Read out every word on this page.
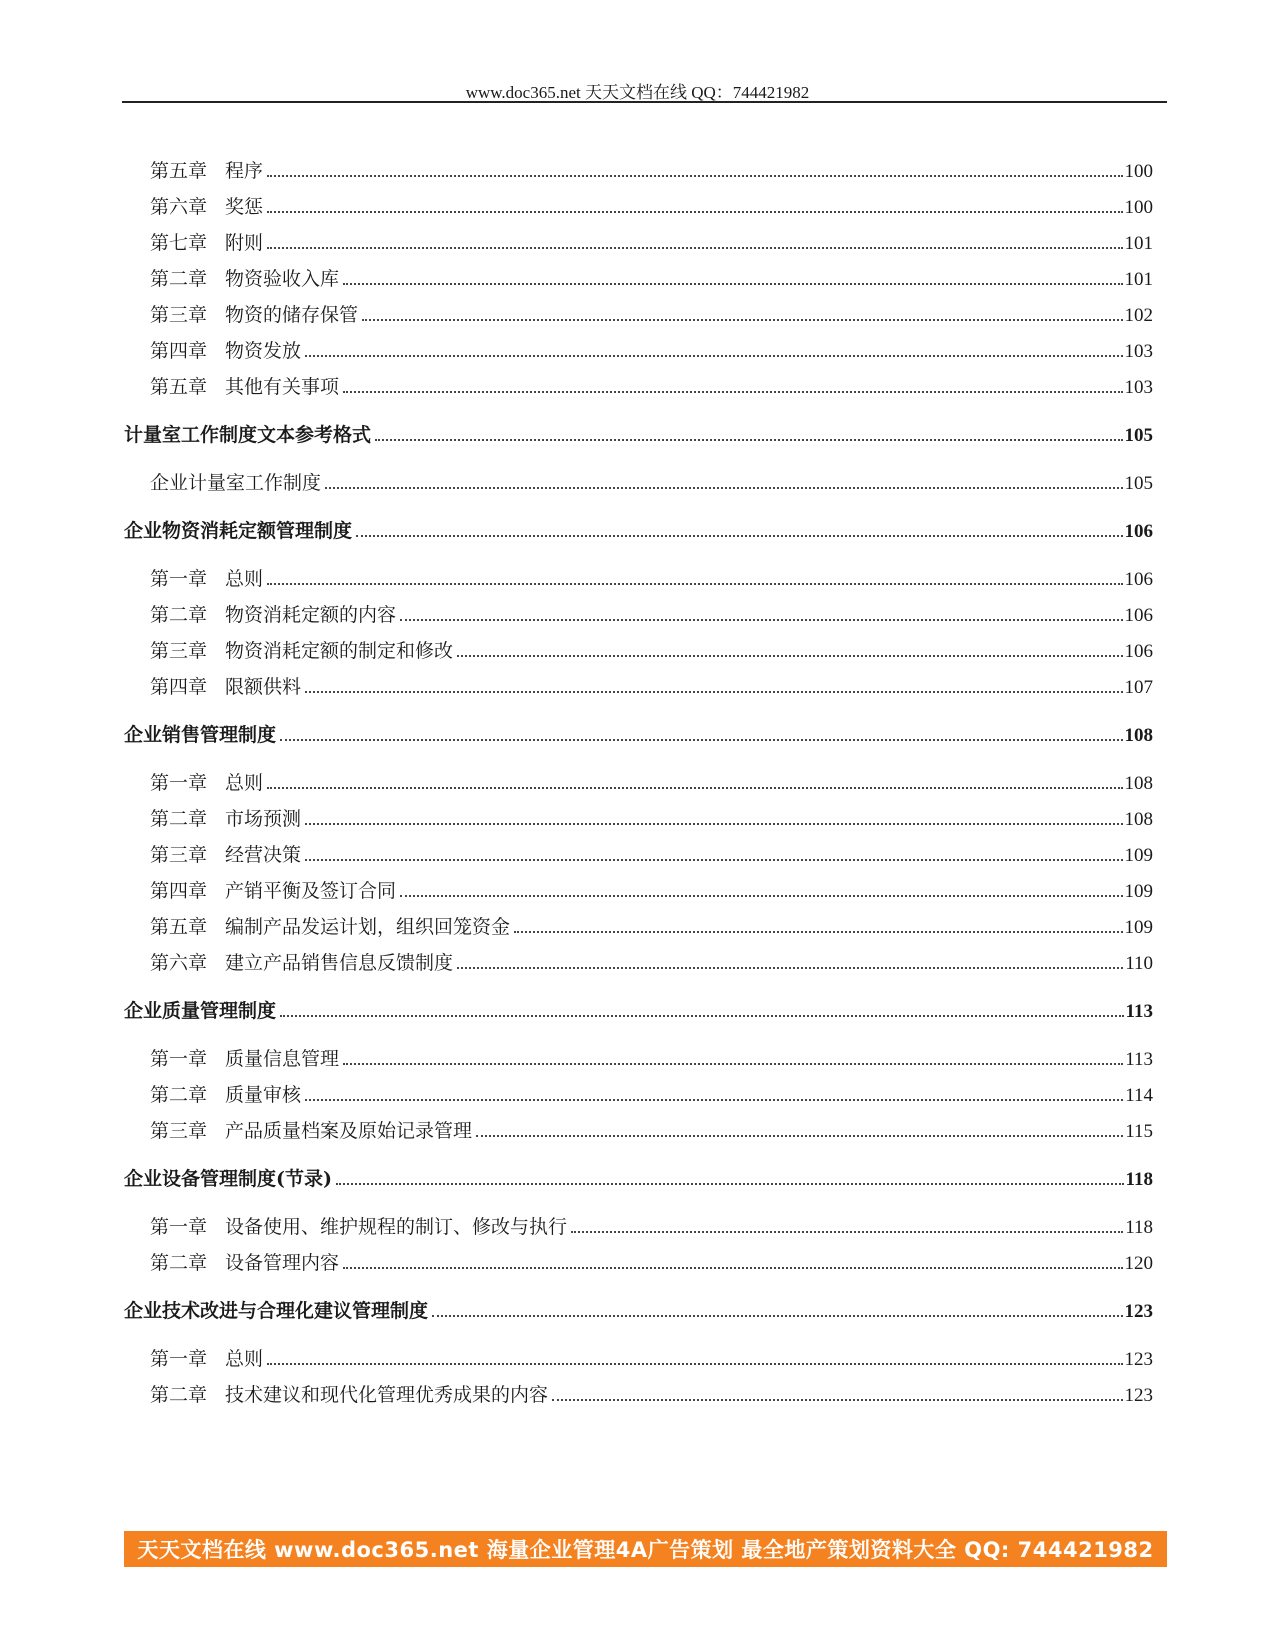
www.doc365.net 天天文档在线 QQ：744421982
第五章 程序	100
第六章 奖惩	100
第七章 附则	101
第二章 物资验收入库	101
第三章 物资的储存保管	102
第四章 物资发放	103
第五章 其他有关事项	103
计量室工作制度文本参考格式	105
企业计量室工作制度	105
企业物资消耗定额管理制度	106
第一章 总则	106
第二章 物资消耗定额的内容	106
第三章 物资消耗定额的制定和修改	106
第四章 限额供料	107
企业销售管理制度	108
第一章 总则	108
第二章 市场预测	108
第三章 经营决策	109
第四章 产销平衡及签订合同	109
第五章 编制产品发运计划，组织回笼资金	109
第六章 建立产品销售信息反馈制度	110
企业质量管理制度	113
第一章 质量信息管理	113
第二章 质量审核	114
第三章 产品质量档案及原始记录管理	115
企业设备管理制度(节录)	118
第一章 设备使用、维护规程的制订、修改与执行	118
第二章 设备管理内容	120
企业技术改进与合理化建议管理制度	123
第一章 总则	123
第二章 技术建议和现代化管理优秀成果的内容	123
天天文档在线 www.doc365.net 海量企业管理4A广告策划 最全地产策划资料大全 QQ: 744421982
